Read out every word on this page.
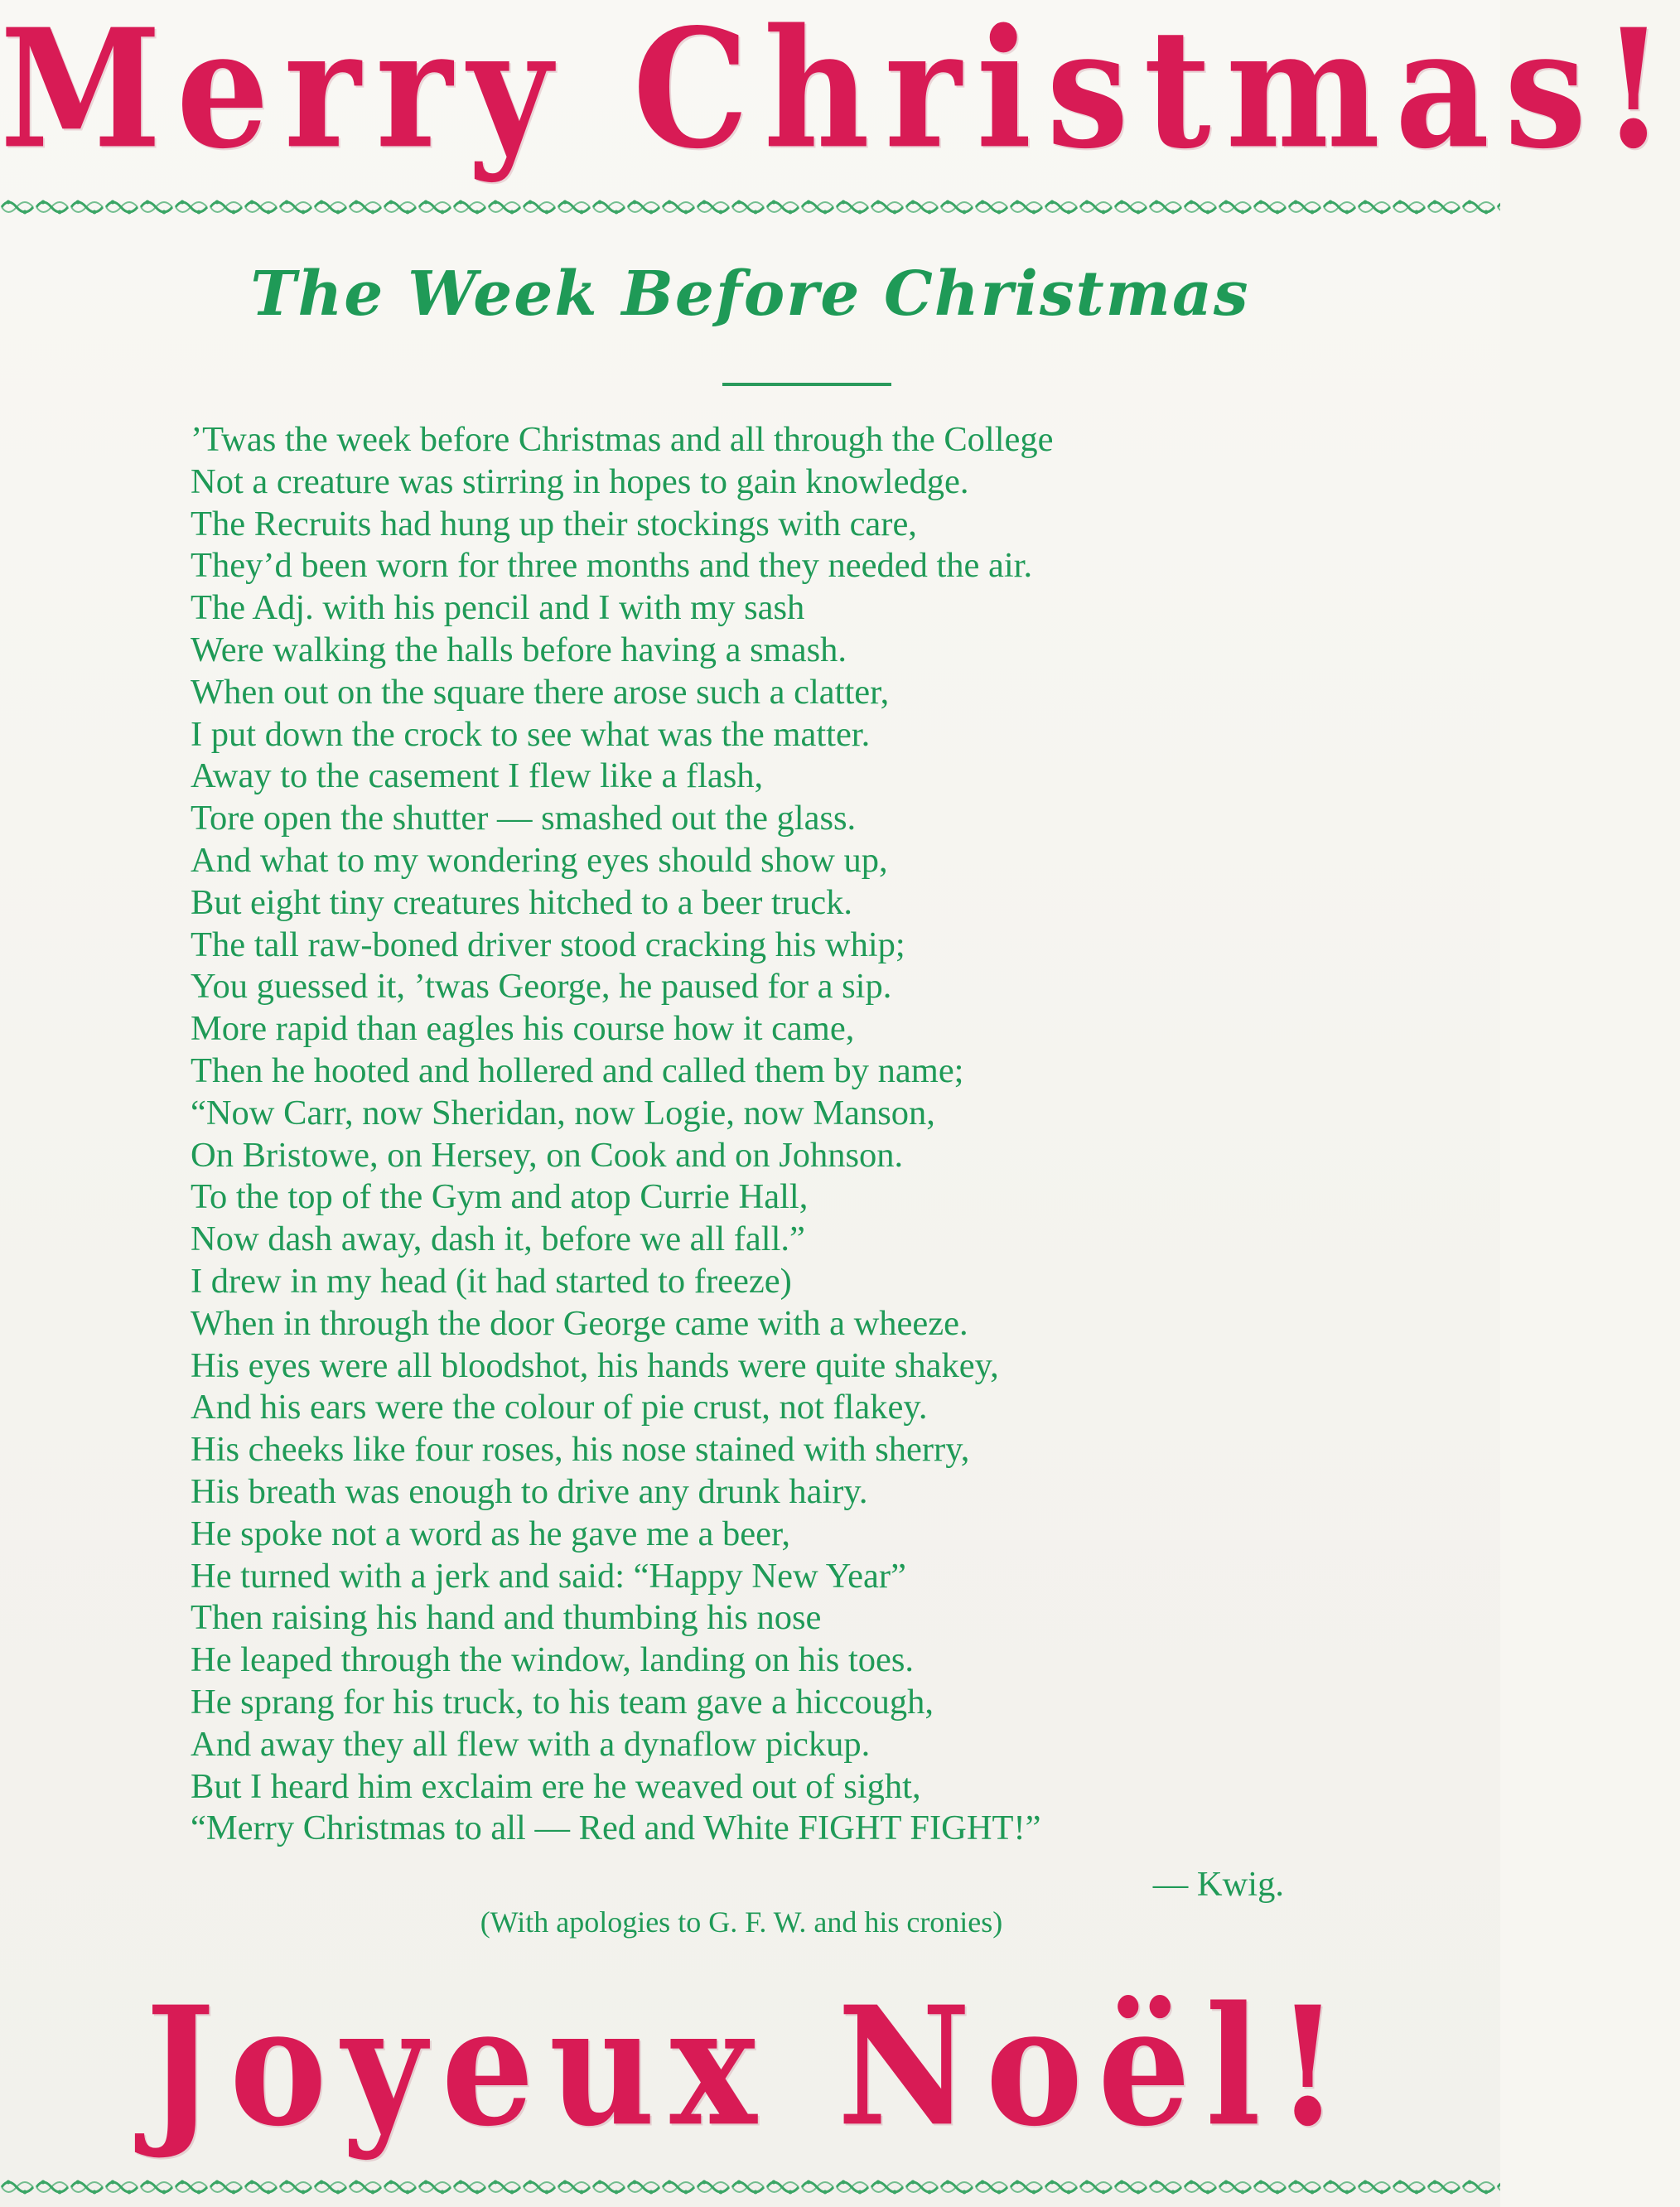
Merry Christmas!
The Week Before Christmas
’Twas the week before Christmas and all through the College
Not a creature was stirring in hopes to gain knowledge.
The Recruits had hung up their stockings with care,
They’d been worn for three months and they needed the air.
The Adj. with his pencil and I with my sash
Were walking the halls before having a smash.
When out on the square there arose such a clatter,
I put down the crock to see what was the matter.
Away to the casement I flew like a flash,
Tore open the shutter — smashed out the glass.
And what to my wondering eyes should show up,
But eight tiny creatures hitched to a beer truck.
The tall raw-boned driver stood cracking his whip;
You guessed it, ’twas George, he paused for a sip.
More rapid than eagles his course how it came,
Then he hooted and hollered and called them by name;
“Now Carr, now Sheridan, now Logie, now Manson,
On Bristowe, on Hersey, on Cook and on Johnson.
To the top of the Gym and atop Currie Hall,
Now dash away, dash it, before we all fall.”
I drew in my head (it had started to freeze)
When in through the door George came with a wheeze.
His eyes were all bloodshot, his hands were quite shakey,
And his ears were the colour of pie crust, not flakey.
His cheeks like four roses, his nose stained with sherry,
His breath was enough to drive any drunk hairy.
He spoke not a word as he gave me a beer,
He turned with a jerk and said: “Happy New Year”
Then raising his hand and thumbing his nose
He leaped through the window, landing on his toes.
He sprang for his truck, to his team gave a hiccough,
And away they all flew with a dynaflow pickup.
But I heard him exclaim ere he weaved out of sight,
“Merry Christmas to all — Red and White FIGHT FIGHT!”
— Kwig.
(With apologies to G. F. W. and his cronies)
Joyeux Noël!
